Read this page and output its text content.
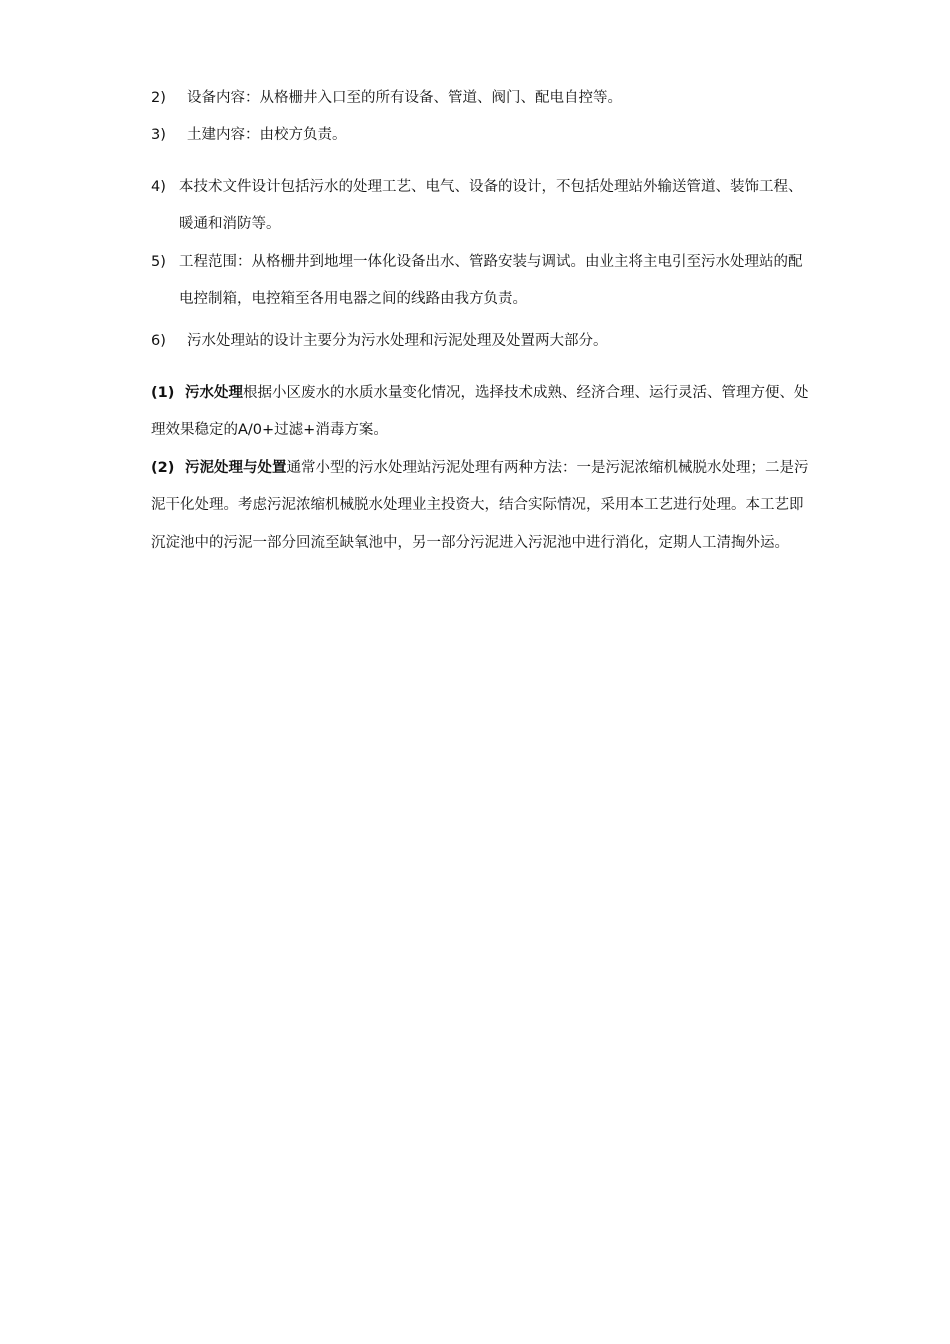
2) 设备内容：从格栅井入口至的所有设备、管道、阀门、配电自控等。
3) 土建内容：由校方负责。
4) 本技术文件设计包括污水的处理工艺、电气、设备的设计，不包括处理站外输送管道、装饰工程、
暖通和消防等。
5) 工程范围：从格栅井到地埋一体化设备出水、管路安装与调试。由业主将主电引至污水处理站的配
电控制箱，电控箱至各用电器之间的线路由我方负责。
6) 污水处理站的设计主要分为污水处理和污泥处理及处置两大部分。
(1) 污水处理根据小区废水的水质水量变化情况，选择技术成熟、经济合理、运行灵活、管理方便、处
理效果稳定的A/0+过滤+消毒方案。
(2) 污泥处理与处置通常小型的污水处理站污泥处理有两种方法：一是污泥浓缩机械脱水处理；二是污
泥干化处理。考虑污泥浓缩机械脱水处理业主投资大，结合实际情况，采用本工艺进行处理。本工艺即
沉淀池中的污泥一部分回流至缺氧池中，另一部分污泥进入污泥池中进行消化，定期人工清掏外运。
